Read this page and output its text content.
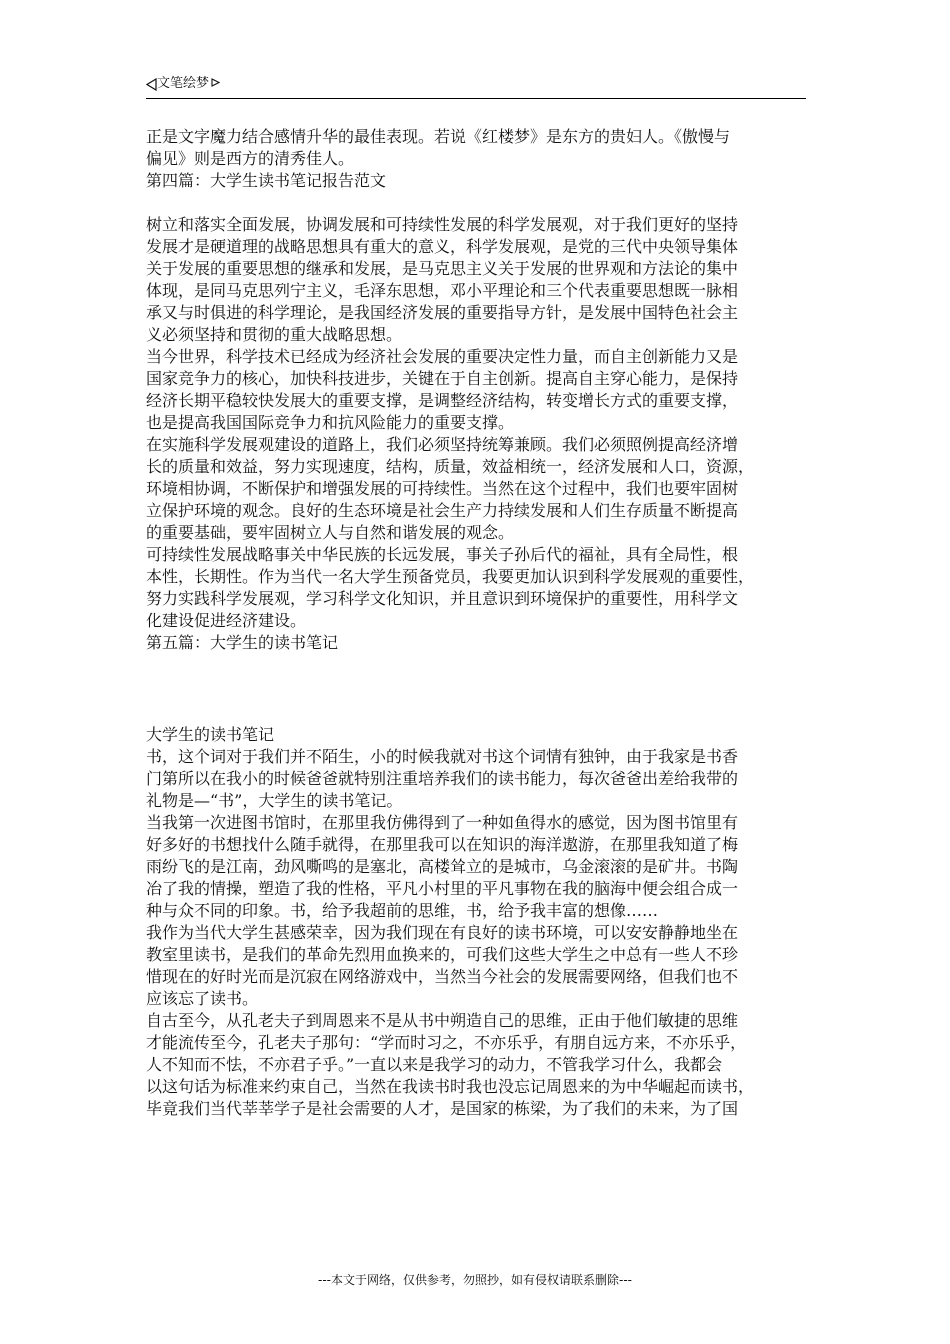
文笔绘梦

正是文字魔力结合感情升华的最佳表现。若说《红楼梦》是东方的贵妇人。《傲慢与

偏见》则是西方的清秀佳人。

第四篇：大学生读书笔记报告范文

树立和落实全面发展，协调发展和可持续性发展的科学发展观，对于我们更好的坚持

发展才是硬道理的战略思想具有重大的意义，科学发展观，是党的三代中央领导集体

关于发展的重要思想的继承和发展，是马克思主义关于发展的世界观和方法论的集中

体现，是同马克思列宁主义，毛泽东思想，邓小平理论和三个代表重要思想既一脉相

承又与时俱进的科学理论，是我国经济发展的重要指导方针，是发展中国特色社会主

义必须坚持和贯彻的重大战略思想。

当今世界，科学技术已经成为经济社会发展的重要决定性力量，而自主创新能力又是

国家竞争力的核心，加快科技进步，关键在于自主创新。提高自主穿心能力，是保持

经济长期平稳较快发展大的重要支撑，是调整经济结构，转变增长方式的重要支撑，

也是提高我国国际竞争力和抗风险能力的重要支撑。

在实施科学发展观建设的道路上，我们必须坚持统筹兼顾。我们必须照例提高经济增

长的质量和效益，努力实现速度，结构，质量，效益相统一，经济发展和人口，资源，

环境相协调，不断保护和增强发展的可持续性。当然在这个过程中，我们也要牢固树

立保护环境的观念。良好的生态环境是社会生产力持续发展和人们生存质量不断提高

的重要基础，要牢固树立人与自然和谐发展的观念。

可持续性发展战略事关中华民族的长远发展，事关子孙后代的福祉，具有全局性，根

本性，长期性。作为当代一名大学生预备党员，我要更加认识到科学发展观的重要性，

努力实践科学发展观，学习科学文化知识，并且意识到环境保护的重要性，用科学文

化建设促进经济建设。

第五篇：大学生的读书笔记

大学生的读书笔记

书，这个词对于我们并不陌生，小的时候我就对书这个词情有独钟，由于我家是书香

门第所以在我小的时候爸爸就特别注重培养我们的读书能力，每次爸爸出差给我带的

礼物是—“书”，大学生的读书笔记。

当我第一次进图书馆时，在那里我仿佛得到了一种如鱼得水的感觉，因为图书馆里有

好多好的书想找什么随手就得，在那里我可以在知识的海洋遨游，在那里我知道了梅

雨纷飞的是江南，劲风嘶鸣的是塞北，高楼耸立的是城市，乌金滚滚的是矿井。书陶

冶了我的情操，塑造了我的性格，平凡小村里的平凡事物在我的脑海中便会组合成一

种与众不同的印象。书，给予我超前的思维，书，给予我丰富的想像……

我作为当代大学生甚感荣幸，因为我们现在有良好的读书环境，可以安安静静地坐在

教室里读书，是我们的革命先烈用血换来的，可我们这些大学生之中总有一些人不珍

惜现在的好时光而是沉寂在网络游戏中，当然当今社会的发展需要网络，但我们也不

应该忘了读书。

自古至今，从孔老夫子到周恩来不是从书中朔造自己的思维，正由于他们敏捷的思维

才能流传至今，孔老夫子那句：“学而时习之，不亦乐乎，有朋自远方来，不亦乐乎，

人不知而不怯，不亦君子乎。”一直以来是我学习的动力，不管我学习什么，我都会

以这句话为标准来约束自己，当然在我读书时我也没忘记周恩来的为中华崛起而读书，

毕竟我们当代莘莘学子是社会需要的人才，是国家的栋梁，为了我们的未来，为了国

---本文于网络，仅供参考，勿照抄，如有侵权请联系删除---
